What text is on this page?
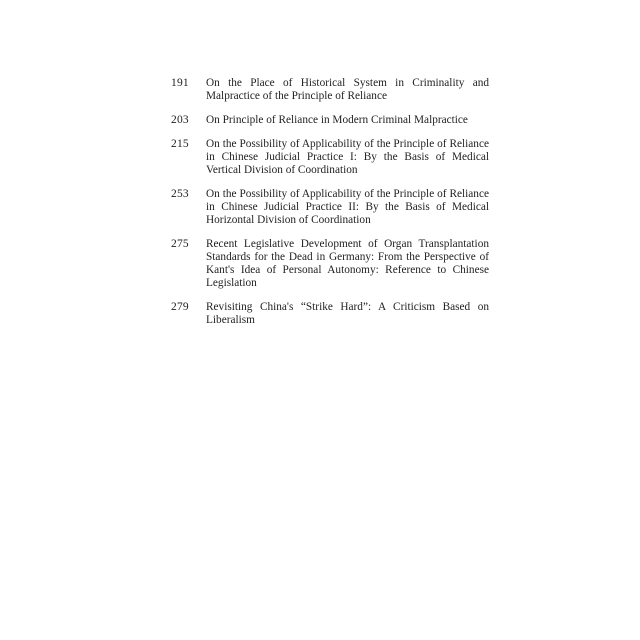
191	On the Place of Historical System in Criminality and Malpractice of the Principle of Reliance
203	On Principle of Reliance in Modern Criminal Malpractice
215	On the Possibility of Applicability of the Principle of Reliance in Chinese Judicial Practice I: By the Basis of Medical Vertical Division of Coordination
253	On the Possibility of Applicability of the Principle of Reliance in Chinese Judicial Practice II: By the Basis of Medical Horizontal Division of Coordination
275	Recent Legislative Development of Organ Transplantation Standards for the Dead in Germany: From the Perspective of Kant's Idea of Personal Autonomy: Reference to Chinese Legislation
279	Revisiting China's “Strike Hard”: A Criticism Based on Liberalism
